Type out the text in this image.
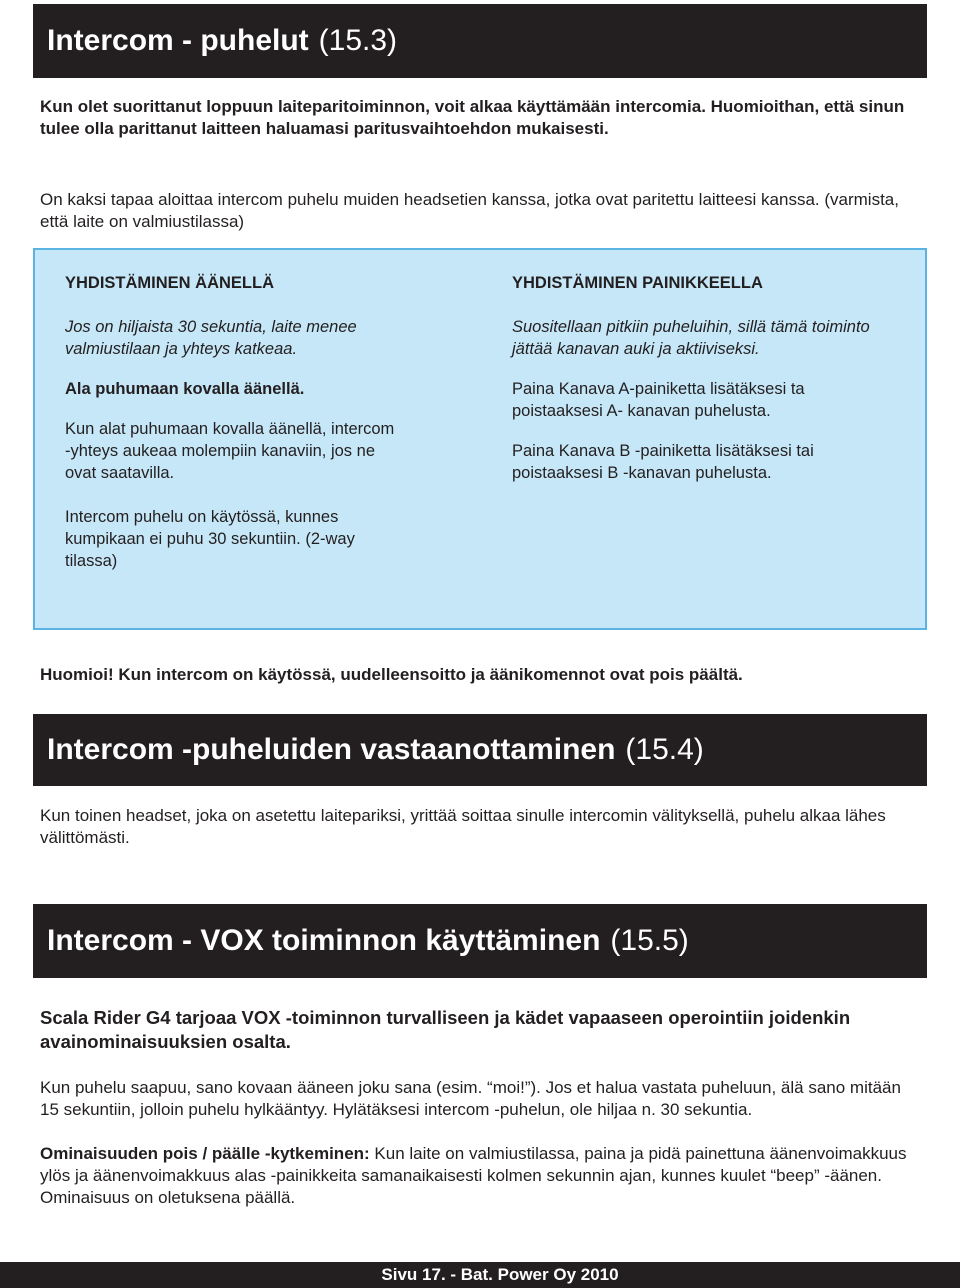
Intercom - puhelut (15.3)

Kun olet suorittanut loppuun laiteparitoiminnon, voit alkaa käyttämään intercomia. Huomioithan, että sinun tulee olla parittanut laitteen haluamasi paritusvaihtoehdon mukaisesti.

On kaksi tapaa aloittaa intercom puhelu muiden headsetien kanssa, jotka ovat paritettu laitteesi kanssa. (varmista, että laite on valmiustilassa)

YHDISTÄMINEN ÄÄNELLÄ

Jos on hiljaista 30 sekuntia, laite menee valmiustilaan ja yhteys katkeaa.

Ala puhumaan kovalla äänellä.

Kun alat puhumaan kovalla äänellä, intercom -yhteys aukeaa molempiin kanaviin, jos ne ovat saatavilla.

Intercom puhelu on käytössä, kunnes kumpikaan ei puhu 30 sekuntiin. (2-way tilassa)

YHDISTÄMINEN PAINIKKEELLA

Suositellaan pitkiin puheluihin, sillä tämä toiminto jättää kanavan auki ja aktiiviseksi.

Paina Kanava A-painiketta lisätäksesi ta poistaaksesi A- kanavan puhelusta.

Paina Kanava B -painiketta lisätäksesi tai poistaaksesi B -kanavan puhelusta.

Huomioi! Kun intercom on käytössä, uudelleensoitto ja äänikomennot ovat pois päältä.

Intercom -puheluiden vastaanottaminen (15.4)

Kun toinen headset, joka on asetettu laitepariksi, yrittää soittaa sinulle intercomin välityksellä, puhelu alkaa lähes välittömästi.

Intercom - VOX toiminnon käyttäminen (15.5)

Scala Rider G4 tarjoaa VOX -toiminnon turvalliseen ja kädet vapaaseen operointiin joidenkin avainominaisuuksien osalta.

Kun puhelu saapuu, sano kovaan ääneen joku sana (esim. “moi!”). Jos et halua vastata puheluun, älä sano mitään 15 sekuntiin, jolloin puhelu hylkääntyy. Hylätäksesi intercom -puhelun, ole hiljaa n. 30 sekuntia.

Ominaisuuden pois / päälle -kytkeminen: Kun laite on valmiustilassa, paina ja pidä painettuna äänenvoimakkuus ylös ja äänenvoimakkuus alas -painikkeita samanaikaisesti kolmen sekunnin ajan, kunnes kuulet “beep” -äänen. Ominaisuus on oletuksena päällä.

Sivu 17. - Bat. Power Oy 2010
